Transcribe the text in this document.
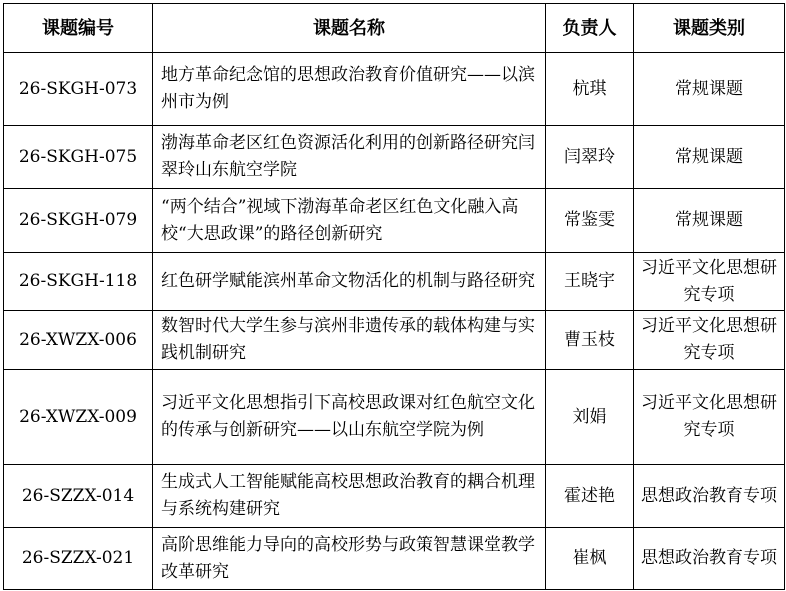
课题编号	课题名称	负责人	课题类别
26-SKGH-073	地方革命纪念馆的思想政治教育价值研究——以滨州市为例	杭琪	常规课题
26-SKGH-075	渤海革命老区红色资源活化利用的创新路径研究闫翠玲山东航空学院	闫翠玲	常规课题
26-SKGH-079	“两个结合”视域下渤海革命老区红色文化融入高校“大思政课”的路径创新研究	常鉴雯	常规课题
26-SKGH-118	红色研学赋能滨州革命文物活化的机制与路径研究	王晓宇	习近平文化思想研究专项
26-XWZX-006	数智时代大学生参与滨州非遗传承的载体构建与实践机制研究	曹玉枝	习近平文化思想研究专项
26-XWZX-009	习近平文化思想指引下高校思政课对红色航空文化的传承与创新研究——以山东航空学院为例	刘娟	习近平文化思想研究专项
26-SZZX-014	生成式人工智能赋能高校思想政治教育的耦合机理与系统构建研究	霍述艳	思想政治教育专项
26-SZZX-021	高阶思维能力导向的高校形势与政策智慧课堂教学改革研究	崔枫	思想政治教育专项
